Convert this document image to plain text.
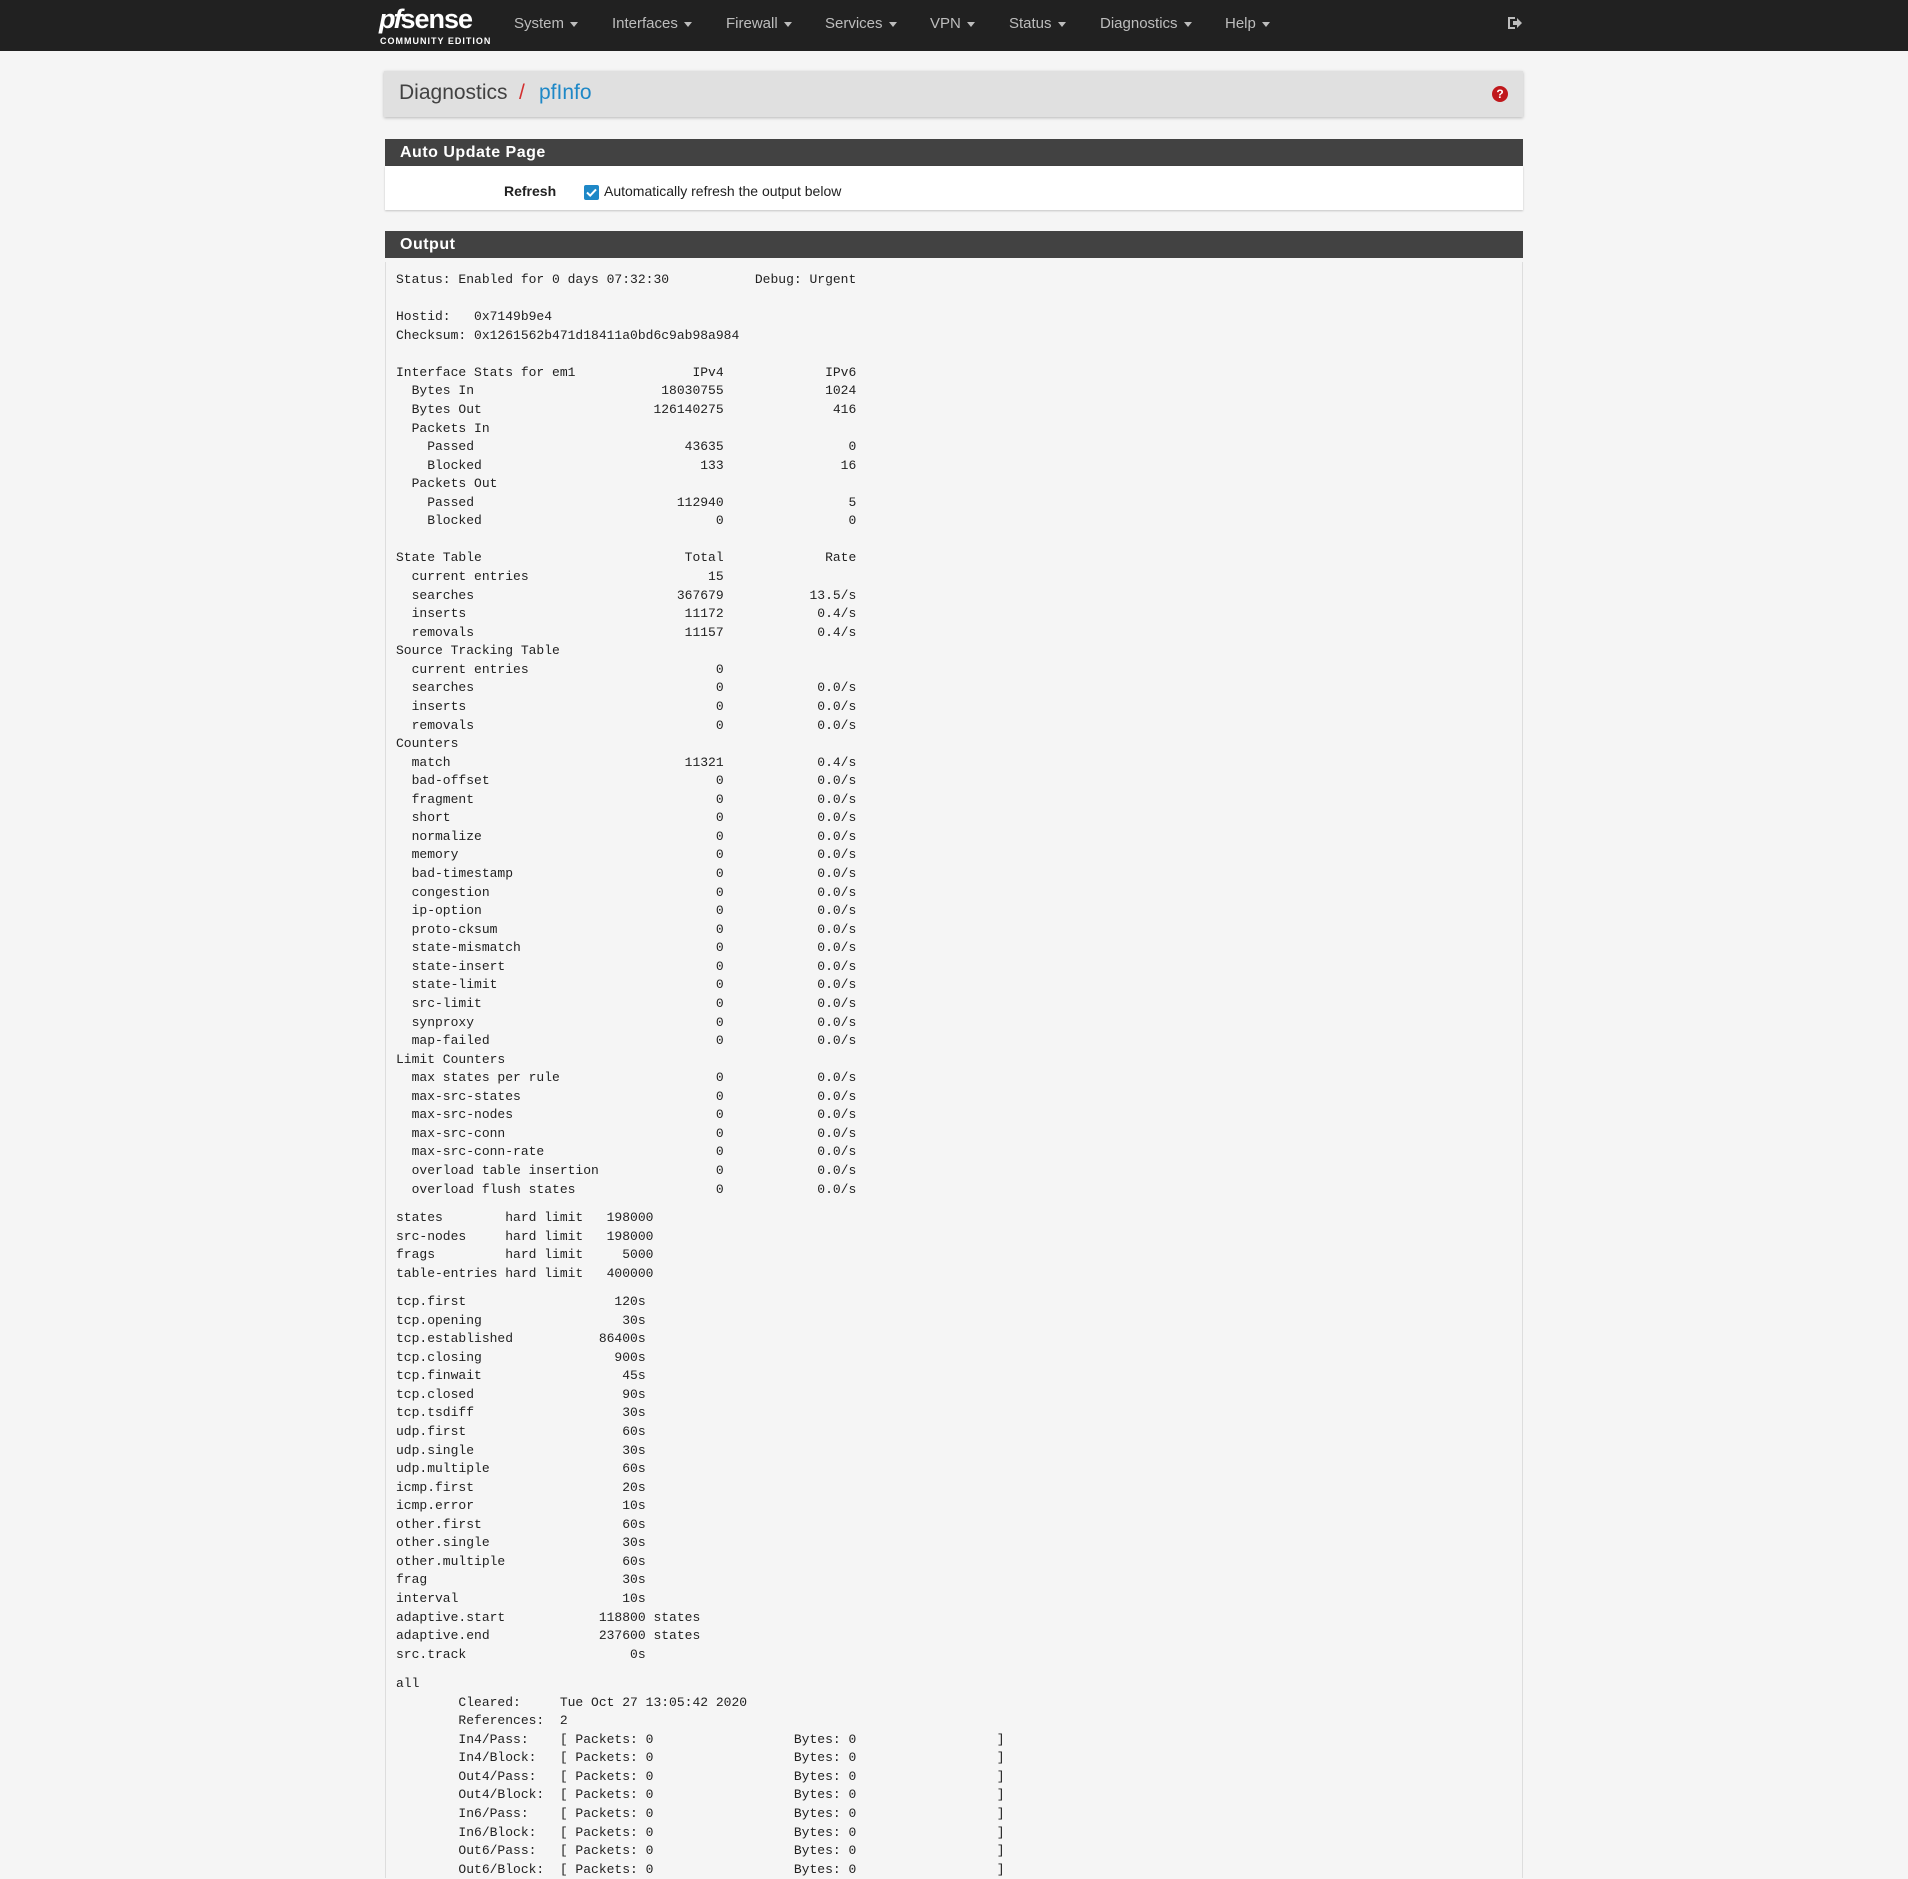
pfsense
COMMUNITY EDITION
System	Interfaces	Firewall	Services	VPN	Status	Diagnostics	Help
Diagnostics / pfInfo	?
Auto Update Page
Refresh	Automatically refresh the output below
Output
Status: Enabled for 0 days 07:32:30           Debug: Urgent

Hostid:   0x7149b9e4
Checksum: 0x1261562b471d18411a0bd6c9ab98a984

Interface Stats for em1               IPv4             IPv6
Bytes In                        18030755             1024
Bytes Out                      126140275              416
Packets In
Passed                           43635                0
Blocked                            133               16
Packets Out
Passed                          112940                5
Blocked                              0                0

State Table                          Total             Rate
current entries                       15
searches                          367679           13.5/s
inserts                            11172            0.4/s
removals                           11157            0.4/s
Source Tracking Table
current entries                        0
searches                               0            0.0/s
inserts                                0            0.0/s
removals                               0            0.0/s
Counters
match                              11321            0.4/s
bad-offset                             0            0.0/s
fragment                               0            0.0/s
short                                  0            0.0/s
normalize                              0            0.0/s
memory                                 0            0.0/s
bad-timestamp                          0            0.0/s
congestion                             0            0.0/s
ip-option                              0            0.0/s
proto-cksum                            0            0.0/s
state-mismatch                         0            0.0/s
state-insert                           0            0.0/s
state-limit                            0            0.0/s
src-limit                              0            0.0/s
synproxy                               0            0.0/s
map-failed                             0            0.0/s
Limit Counters
max states per rule                    0            0.0/s
max-src-states                         0            0.0/s
max-src-nodes                          0            0.0/s
max-src-conn                           0            0.0/s
max-src-conn-rate                      0            0.0/s
overload table insertion               0            0.0/s
overload flush states                  0            0.0/s
states        hard limit   198000
src-nodes     hard limit   198000
frags         hard limit     5000
table-entries hard limit   400000
tcp.first                   120s
tcp.opening                  30s
tcp.established           86400s
tcp.closing                 900s
tcp.finwait                  45s
tcp.closed                   90s
tcp.tsdiff                   30s
udp.first                    60s
udp.single                   30s
udp.multiple                 60s
icmp.first                   20s
icmp.error                   10s
other.first                  60s
other.single                 30s
other.multiple               60s
frag                         30s
interval                     10s
adaptive.start            118800 states
adaptive.end              237600 states
src.track                     0s
all
Cleared:     Tue Oct 27 13:05:42 2020
References:  2
In4/Pass:    [ Packets: 0                  Bytes: 0                  ]
In4/Block:   [ Packets: 0                  Bytes: 0                  ]
Out4/Pass:   [ Packets: 0                  Bytes: 0                  ]
Out4/Block:  [ Packets: 0                  Bytes: 0                  ]
In6/Pass:    [ Packets: 0                  Bytes: 0                  ]
In6/Block:   [ Packets: 0                  Bytes: 0                  ]
Out6/Pass:   [ Packets: 0                  Bytes: 0                  ]
Out6/Block:  [ Packets: 0                  Bytes: 0                  ]
